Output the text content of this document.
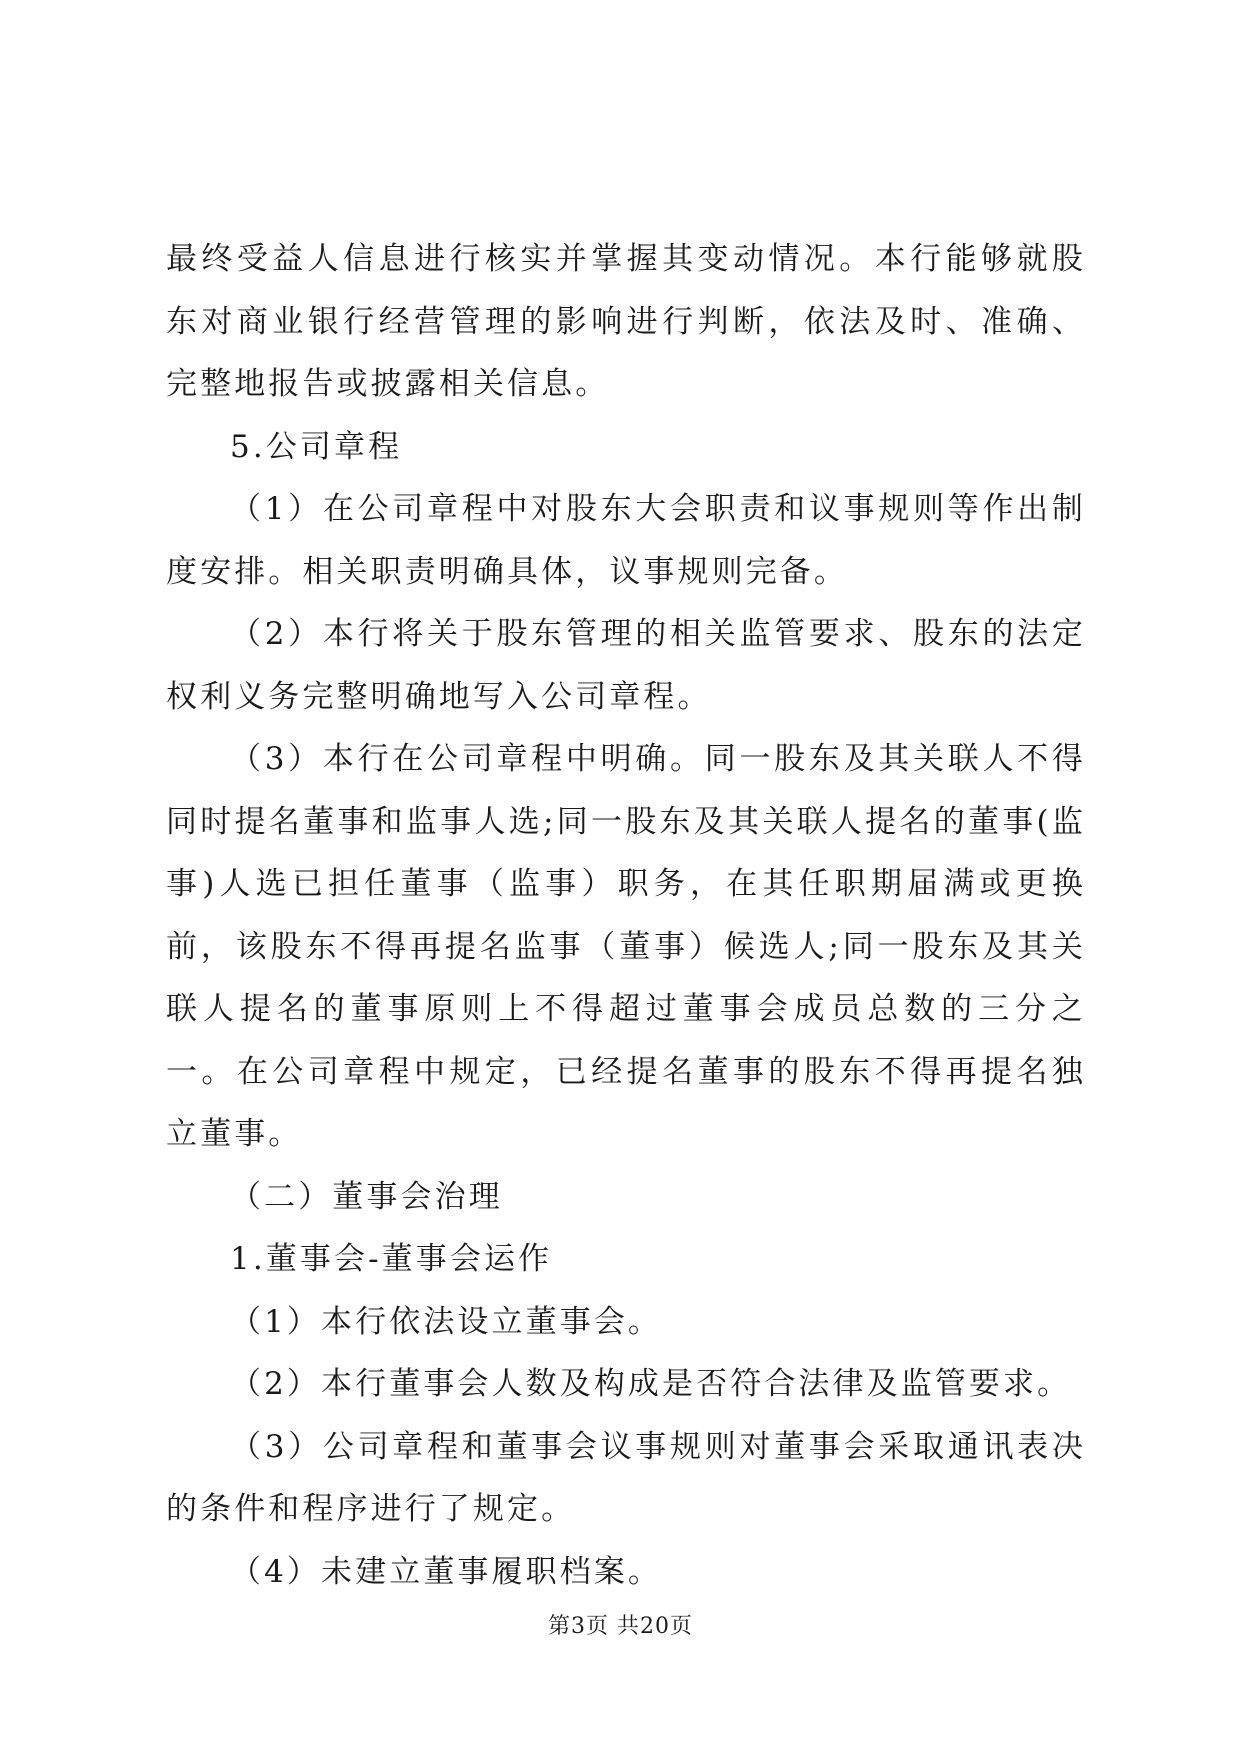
最终受益人信息进行核实并掌握其变动情况。本行能够就股东对商业银行经营管理的影响进行判断，依法及时、准确、完整地报告或披露相关信息。

5.公司章程

（1）在公司章程中对股东大会职责和议事规则等作出制度安排。相关职责明确具体，议事规则完备。

（2）本行将关于股东管理的相关监管要求、股东的法定权利义务完整明确地写入公司章程。

（3）本行在公司章程中明确。同一股东及其关联人不得同时提名董事和监事人选;同一股东及其关联人提名的董事(监事)人选已担任董事（监事）职务，在其任职期届满或更换前，该股东不得再提名监事（董事）候选人;同一股东及其关联人提名的董事原则上不得超过董事会成员总数的三分之一。在公司章程中规定，已经提名董事的股东不得再提名独立董事。

（二）董事会治理

1.董事会-董事会运作

（1）本行依法设立董事会。

（2）本行董事会人数及构成是否符合法律及监管要求。

（3）公司章程和董事会议事规则对董事会采取通讯表决的条件和程序进行了规定。

（4）未建立董事履职档案。

第3页 共20页
